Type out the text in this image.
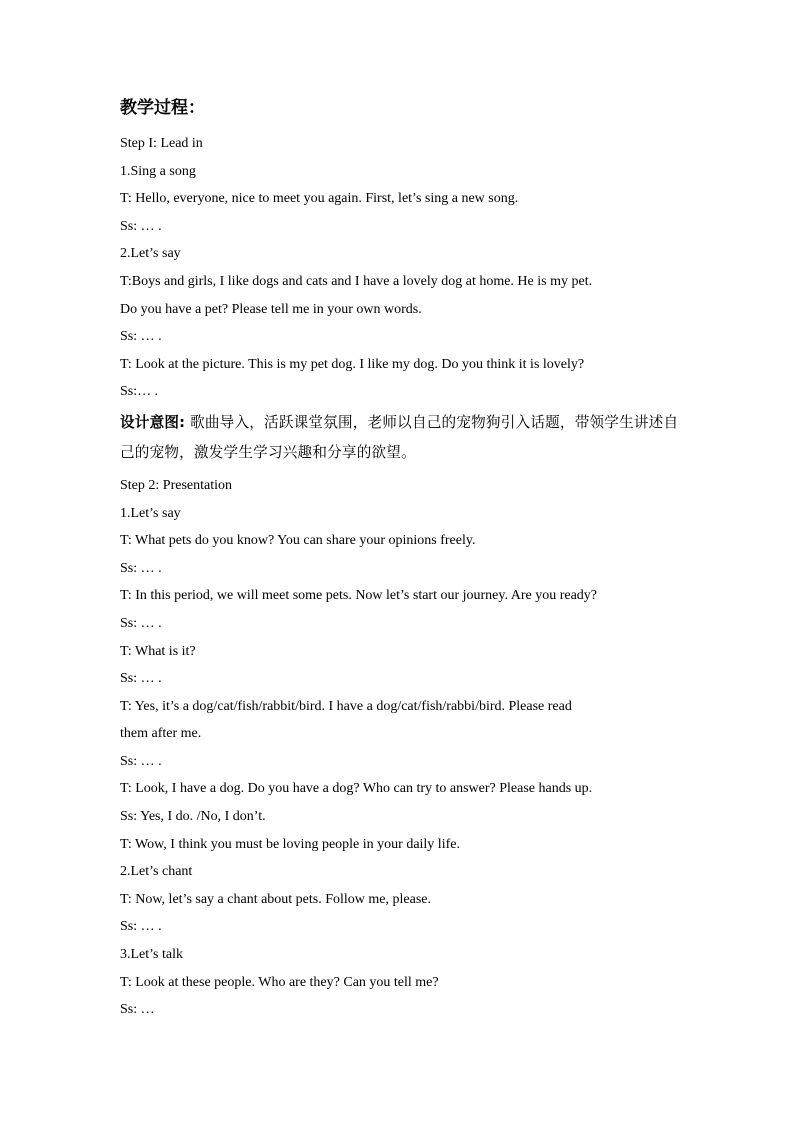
教学过程：
Step I: Lead in
1.Sing a song
T: Hello, everyone, nice to meet you again. First, let’s sing a new song.
Ss: … .
2.Let’s say
T:Boys and girls, I like dogs and cats and I have a lovely dog at home. He is my pet.
Do you have a pet? Please tell me in your own words.
Ss: … .
T: Look at the picture. This is my pet dog. I like my dog. Do you think it is lovely?
Ss:… .
设计意图: 歌曲导入，活跃课堂氛围，老师以自己的宠物狗引入话题，带领学生讲述自己的宠物，激发学生学习兴趣和分享的欲望。
Step 2: Presentation
1.Let’s say
T: What pets do you know? You can share your opinions freely.
Ss: … .
T: In this period, we will meet some pets. Now let’s start our journey. Are you ready?
Ss: … .
T: What is it?
Ss: … .
T: Yes, it’s a dog/cat/fish/rabbit/bird. I have a dog/cat/fish/rabbi/bird. Please read
them after me.
Ss: … .
T: Look, I have a dog. Do you have a dog? Who can try to answer? Please hands up.
Ss: Yes, I do. /No, I don’t.
T: Wow, I think you must be loving people in your daily life.
2.Let’s chant
T: Now, let’s say a chant about pets. Follow me, please.
Ss: … .
3.Let’s talk
T: Look at these people. Who are they? Can you tell me?
Ss: …
